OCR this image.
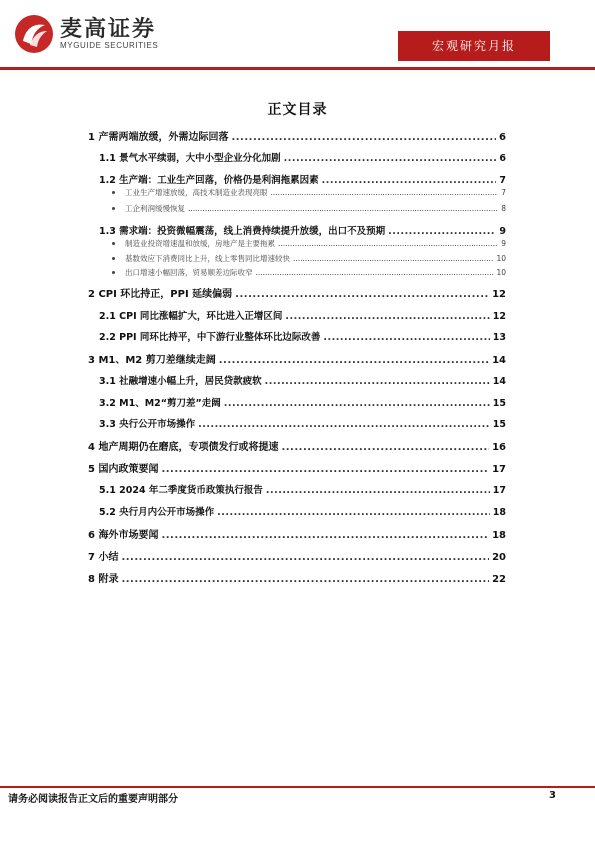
麦高证券
MYGUIDE SECURITIES	宏观研究月报
正文目录
1 产需两端放缓，外需边际回落 .....	6
1.1 景气水平续弱，大中小型企业分化加剧 .....	6
1.2 生产端：工业生产回落，价格仍是利润拖累因素 .....	7
工业生产增速放缓，高技术制造业表现亮眼 .....	7
工企利润缓慢恢复 .....	8
1.3 需求端：投资微幅震荡，线上消费持续提升放缓，出口不及预期 .....	9
制造业投资增速温和放缓，房地产是主要拖累 .....	9
基数效应下消费同比上升，线上零售同比增速较快 .....	10
出口增速小幅回落，贸易顺差边际收窄 .....	10
2 CPI 环比持正，PPI 延续偏弱 .....	12
2.1 CPI 同比涨幅扩大，环比进入正增区间 .....	12
2.2 PPI 同环比持平，中下游行业整体环比边际改善 .....	13
3 M1、M2 剪刀差继续走阔 .....	14
3.1 社融增速小幅上升，居民贷款疲软 .....	14
3.2 M1、M2“剪刀差”走阔 .....	15
3.3 央行公开市场操作 .....	15
4 地产周期仍在磨底，专项债发行或将提速 .....	16
5 国内政策要闻 .....	17
5.1 2024 年二季度货币政策执行报告 .....	17
5.2 央行月内公开市场操作 .....	18
6 海外市场要闻 .....	18
7 小结 .....	20
8 附录 .....	22
请务必阅读报告正文后的重要声明部分	3
